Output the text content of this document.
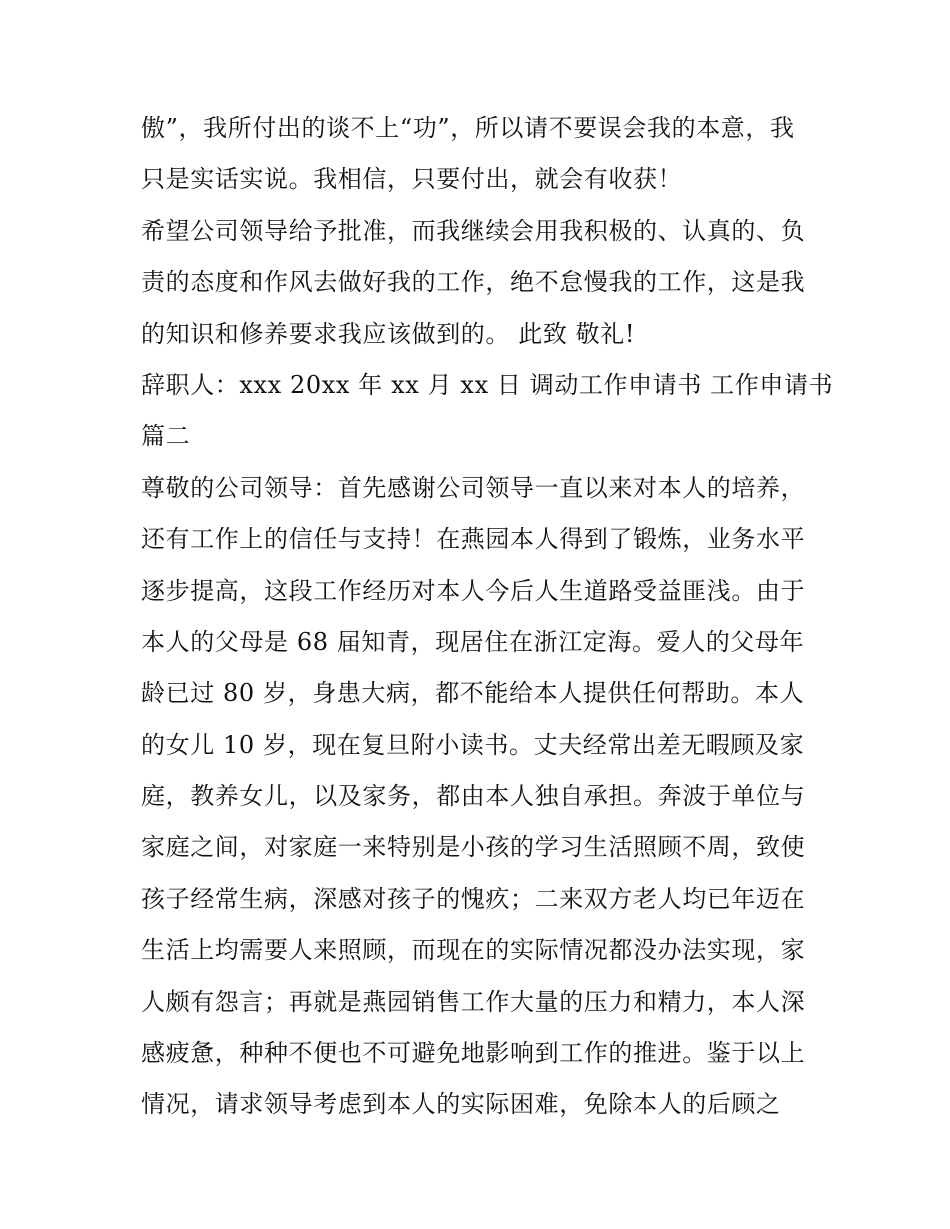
傲”，我所付出的谈不上“功”，所以请不要误会我的本意，我
只是实话实说。我相信，只要付出，就会有收获！
希望公司领导给予批准，而我继续会用我积极的、认真的、负
责的态度和作风去做好我的工作，绝不怠慢我的工作，这是我
的知识和修养要求我应该做到的。 此致 敬礼!
辞职人：xxx 20xx 年 xx 月 xx 日 调动工作申请书 工作申请书
篇二
尊敬的公司领导：首先感谢公司领导一直以来对本人的培养，
还有工作上的信任与支持！在燕园本人得到了锻炼，业务水平
逐步提高，这段工作经历对本人今后人生道路受益匪浅。由于
本人的父母是 68 届知青，现居住在浙江定海。爱人的父母年
龄已过 80 岁，身患大病，都不能给本人提供任何帮助。本人
的女儿 10 岁，现在复旦附小读书。丈夫经常出差无暇顾及家
庭，教养女儿，以及家务，都由本人独自承担。奔波于单位与
家庭之间，对家庭一来特别是小孩的学习生活照顾不周，致使
孩子经常生病，深感对孩子的愧疚；二来双方老人均已年迈在
生活上均需要人来照顾，而现在的实际情况都没办法实现，家
人颇有怨言；再就是燕园销售工作大量的压力和精力，本人深
感疲惫，种种不便也不可避免地影响到工作的推进。鉴于以上
情况，请求领导考虑到本人的实际困难，免除本人的后顾之
